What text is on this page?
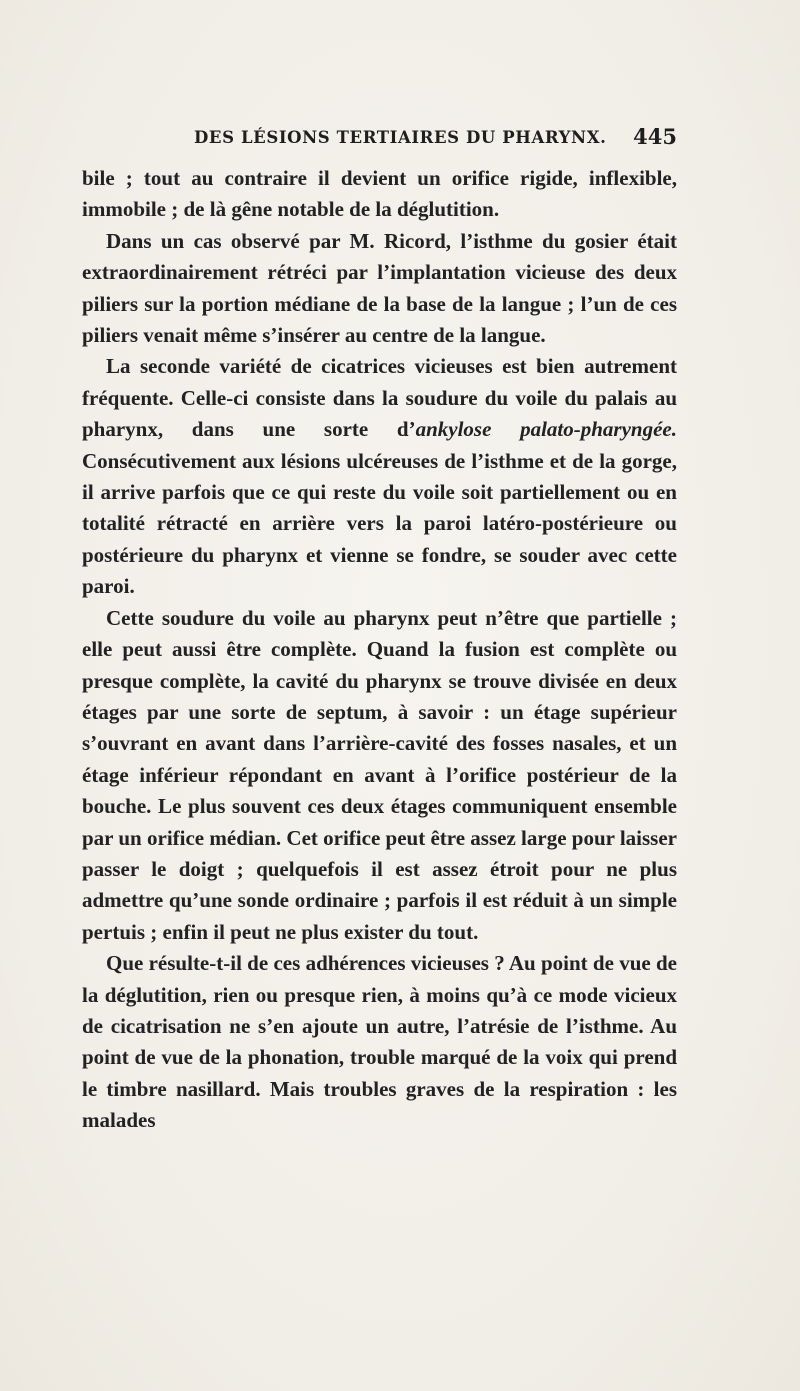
DES LÉSIONS TERTIAIRES DU PHARYNX. 445

bile ; tout au contraire il devient un orifice rigide, inflexible, immobile ; de là gêne notable de la déglutition.

Dans un cas observé par M. Ricord, l’isthme du gosier était extraordinairement rétréci par l’implantation vicieuse des deux piliers sur la portion médiane de la base de la langue ; l’un de ces piliers venait même s’insérer au centre de la langue.

La seconde variété de cicatrices vicieuses est bien autrement fréquente. Celle-ci consiste dans la soudure du voile du palais au pharynx, dans une sorte d’ankylose palato-pharyngée. Consécutivement aux lésions ulcéreuses de l’isthme et de la gorge, il arrive parfois que ce qui reste du voile soit partiellement ou en totalité rétracté en arrière vers la paroi latéro-postérieure ou postérieure du pharynx et vienne se fondre, se souder avec cette paroi.

Cette soudure du voile au pharynx peut n’être que partielle ; elle peut aussi être complète. Quand la fusion est complète ou presque complète, la cavité du pharynx se trouve divisée en deux étages par une sorte de septum, à savoir : un étage supérieur s’ouvrant en avant dans l’arrière-cavité des fosses nasales, et un étage inférieur répondant en avant à l’orifice postérieur de la bouche. Le plus souvent ces deux étages communiquent ensemble par un orifice médian. Cet orifice peut être assez large pour laisser passer le doigt ; quelquefois il est assez étroit pour ne plus admettre qu’une sonde ordinaire ; parfois il est réduit à un simple pertuis ; enfin il peut ne plus exister du tout.

Que résulte-t-il de ces adhérences vicieuses ? Au point de vue de la déglutition, rien ou presque rien, à moins qu’à ce mode vicieux de cicatrisation ne s’en ajoute un autre, l’atrésie de l’isthme. Au point de vue de la phonation, trouble marqué de la voix qui prend le timbre nasillard. Mais troubles graves de la respiration : les malades
